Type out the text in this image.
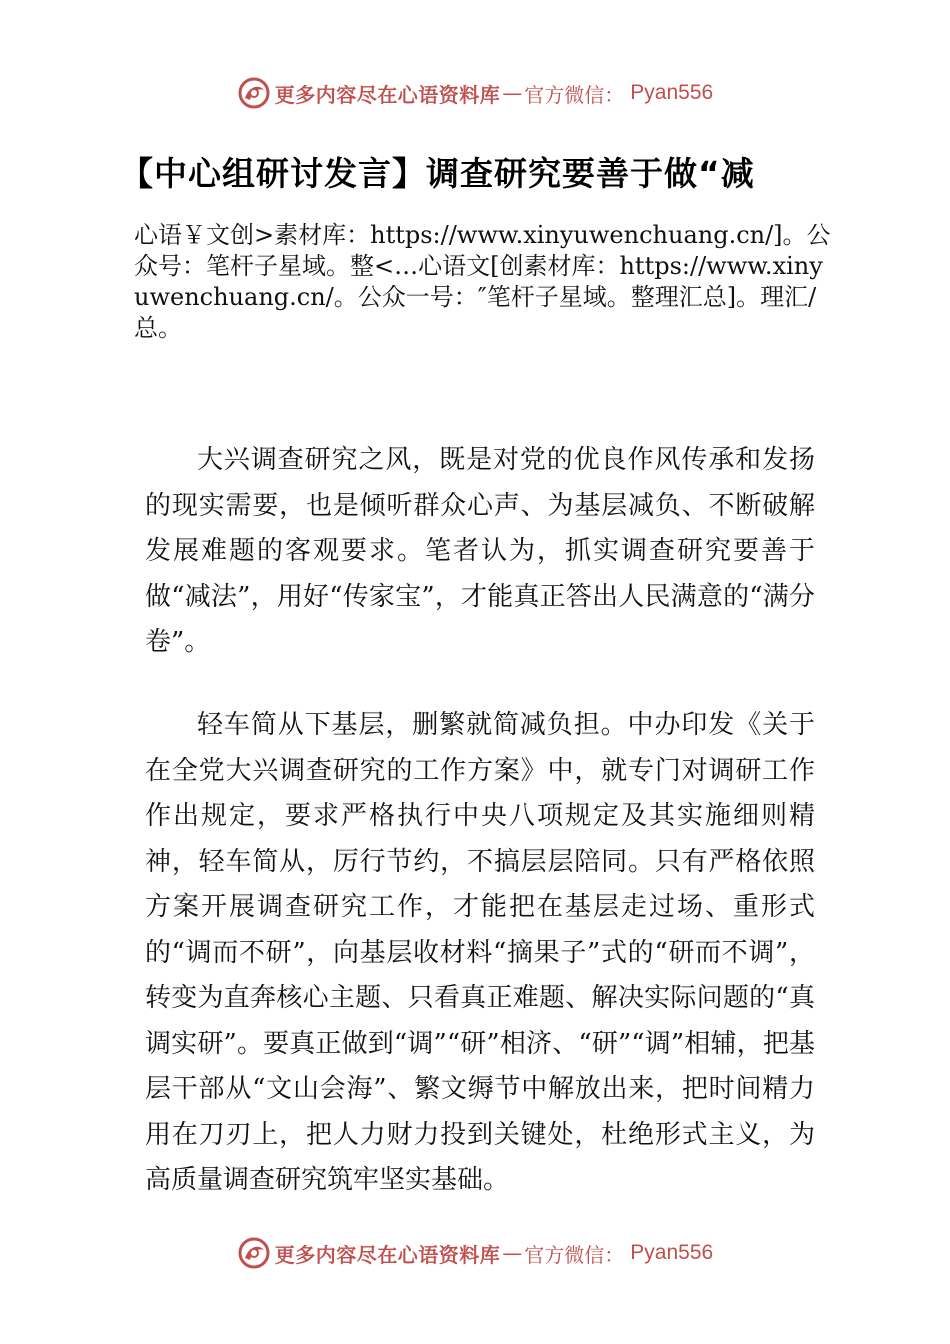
更多内容尽在心语资料库 — 官方微信： Pyan556
【中心组研讨发言】调查研究要善于做“减
心语￥文创>素材库：https://www.xinyuwenchuang.cn/]。公众号：笔杆子星域。整<…心语文[创素材库：https://www.xinyuwenchuang.cn/。公众一号：″笔杆子星域。整理汇总]。理汇/总。

大兴调查研究之风，既是对党的优良作风传承和发扬的现实需要，也是倾听群众心声、为基层减负、不断破解发展难题的客观要求。笔者认为，抓实调查研究要善于做“减法”，用好“传家宝”，才能真正答出人民满意的“满分卷”。

轻车简从下基层，删繁就简减负担。中办印发《关于在全党大兴调查研究的工作方案》中，就专门对调研工作作出规定，要求严格执行中央八项规定及其实施细则精神，轻车简从，厉行节约，不搞层层陪同。只有严格依照方案开展调查研究工作，才能把在基层走过场、重形式的“调而不研”，向基层收材料“摘果子”式的“研而不调”，转变为直奔核心主题、只看真正难题、解决实际问题的“真调实研”。要真正做到“调”“研”相济、“研”“调”相辅，把基层干部从“文山会海”、繁文缛节中解放出来，把时间精力用在刀刃上，把人力财力投到关键处，杜绝形式主义，为高质量调查研究筑牢坚实基础。

更多内容尽在心语资料库 — 官方微信： Pyan556
